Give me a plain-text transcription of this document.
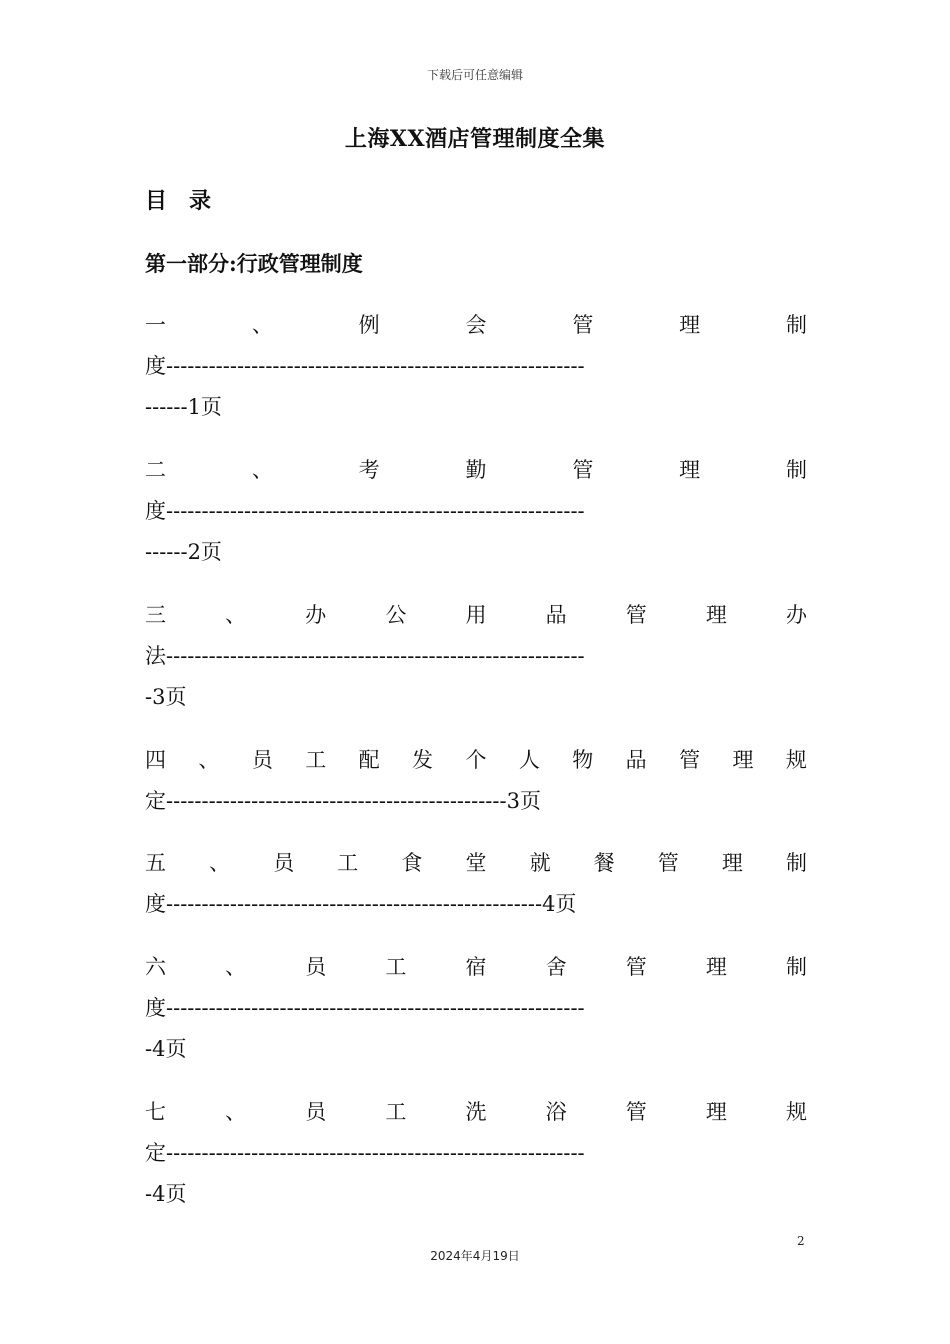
下载后可任意编辑
上海XX酒店管理制度全集
目　录
第一部分:行政管理制度
一	、	例	会	管	理	制
度-----------------------------------------------------------
------1页
二	、	考	勤	管	理	制
度-----------------------------------------------------------
------2页
三	、	办	公	用	品	管	理	办
法-----------------------------------------------------------
-3页
四 、 员 工 配 发 个 人 物 品 管 理 规
定------------------------------------------------3页
五 、 员 工 食 堂 就 餐 管 理 制
度-----------------------------------------------------4页
六	、	员	工	宿	舍	管	理	制
度-----------------------------------------------------------
-4页
七	、	员	工	洗	浴	管	理	规
定-----------------------------------------------------------
-4页
2
2024年4月19日
